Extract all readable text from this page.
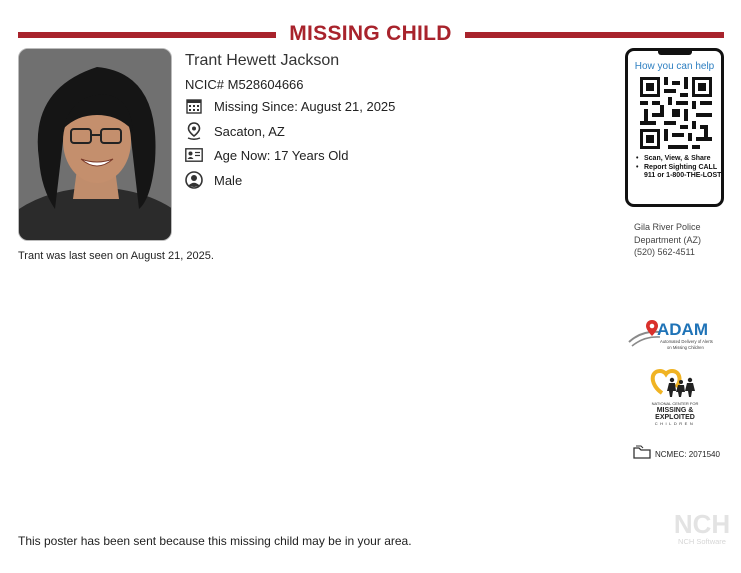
MISSING CHILD
Trant Hewett Jackson
NCIC# M528604666
Missing Since: August 21, 2025
Sacaton, AZ
Age Now: 17 Years Old
Male
Trant was last seen on August 21, 2025.
How you can help
• Scan, View, & Share
• Report Sighting CALL 911 or 1-800-THE-LOST
Gila River Police
Department (AZ)
(520) 562-4511
ADAM
Automated Delivery of Alerts
on Missing Children
NATIONAL CENTER FOR
MISSING &
EXPLOITED
CHILDREN
NCMEC: 2071540
This poster has been sent because this missing child may be in your area.
NCH
NCH Software
